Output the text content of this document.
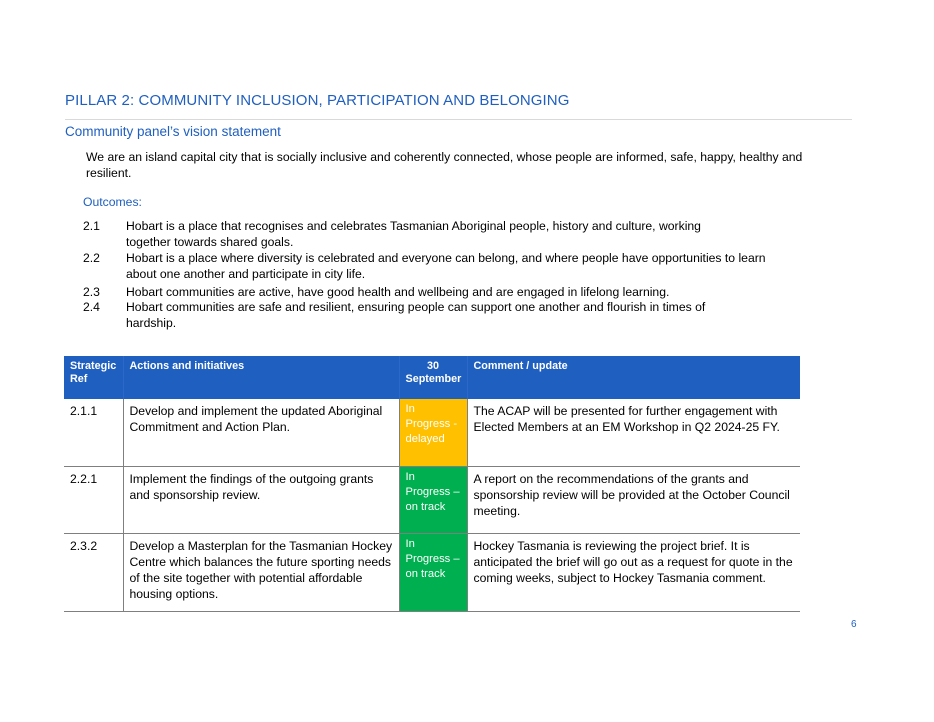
PILLAR 2: COMMUNITY INCLUSION, PARTICIPATION AND BELONGING
Community panel’s vision statement
We are an island capital city that is socially inclusive and coherently connected, whose people are informed, safe, happy, healthy and resilient.
Outcomes:
2.1	Hobart is a place that recognises and celebrates Tasmanian Aboriginal people, history and culture, working together towards shared goals.
2.2	Hobart is a place where diversity is celebrated and everyone can belong, and where people have opportunities to learn about one another and participate in city life.
2.3	Hobart communities are active, have good health and wellbeing and are engaged in lifelong learning.
2.4	Hobart communities are safe and resilient, ensuring people can support one another and flourish in times of hardship.
Strategic Ref	Actions and initiatives	30 September	Comment / update
2.1.1	Develop and implement the updated Aboriginal Commitment and Action Plan.	In Progress - delayed	The ACAP will be presented for further engagement with Elected Members at an EM Workshop in Q2 2024-25 FY.
2.2.1	Implement the findings of the outgoing grants and sponsorship review.	In Progress – on track	A report on the recommendations of the grants and sponsorship review will be provided at the October Council meeting.
2.3.2	Develop a Masterplan for the Tasmanian Hockey Centre which balances the future sporting needs of the site together with potential affordable housing options.	In Progress – on track	Hockey Tasmania is reviewing the project brief. It is anticipated the brief will go out as a request for quote in the coming weeks, subject to Hockey Tasmania comment.
6
